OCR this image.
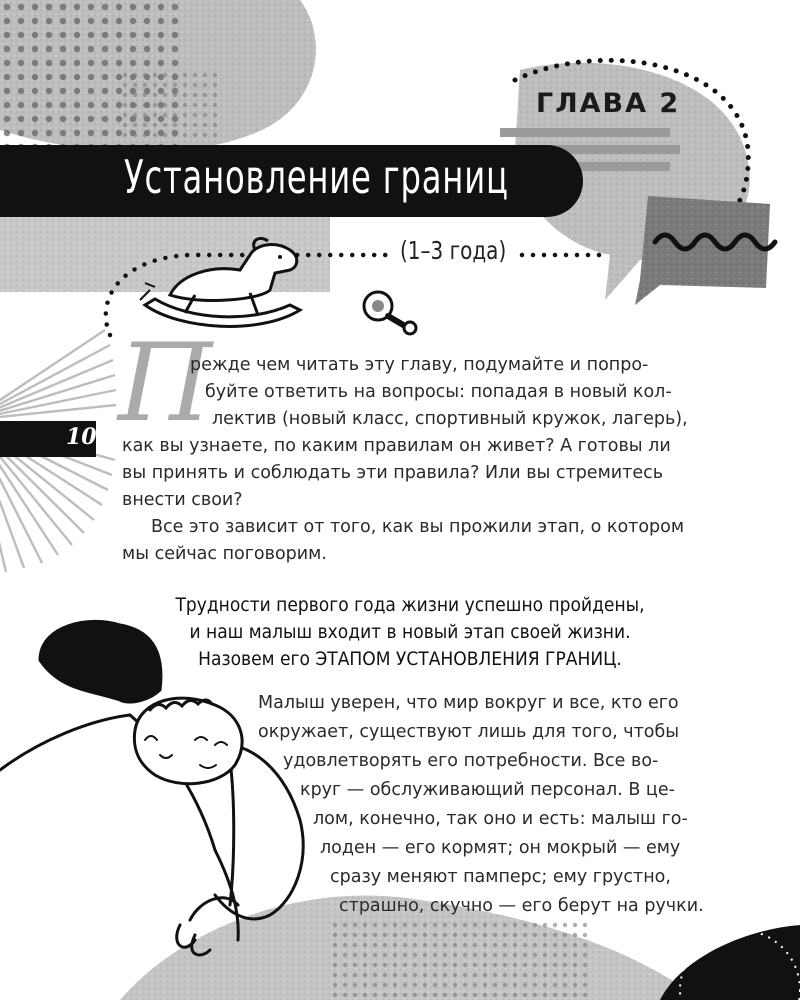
ГЛАВА 2
Установление границ
(1–3 года)
10 П
режде чем читать эту главу, подумайте и попро-
буйте ответить на вопросы: попадая в новый кол-
лектив (новый класс, спортивный кружок, лагерь),
как вы узнаете, по каким правилам он живет? А готовы ли
вы принять и соблюдать эти правила? Или вы стремитесь
внести свои?
Все это зависит от того, как вы прожили этап, о котором
мы сейчас поговорим.
Трудности первого года жизни успешно пройдены,
и наш малыш входит в новый этап своей жизни.
Назовем его ЭТАПОМ УСТАНОВЛЕНИЯ ГРАНИЦ.
Малыш уверен, что мир вокруг и все, кто его
окружает, существуют лишь для того, чтобы
удовлетворять его потребности. Все во-
круг — обслуживающий персонал. В це-
лом, конечно, так оно и есть: малыш го-
лоден — его кормят; он мокрый — ему
сразу меняют памперс; ему грустно,
страшно, скучно — его берут на ручки.
